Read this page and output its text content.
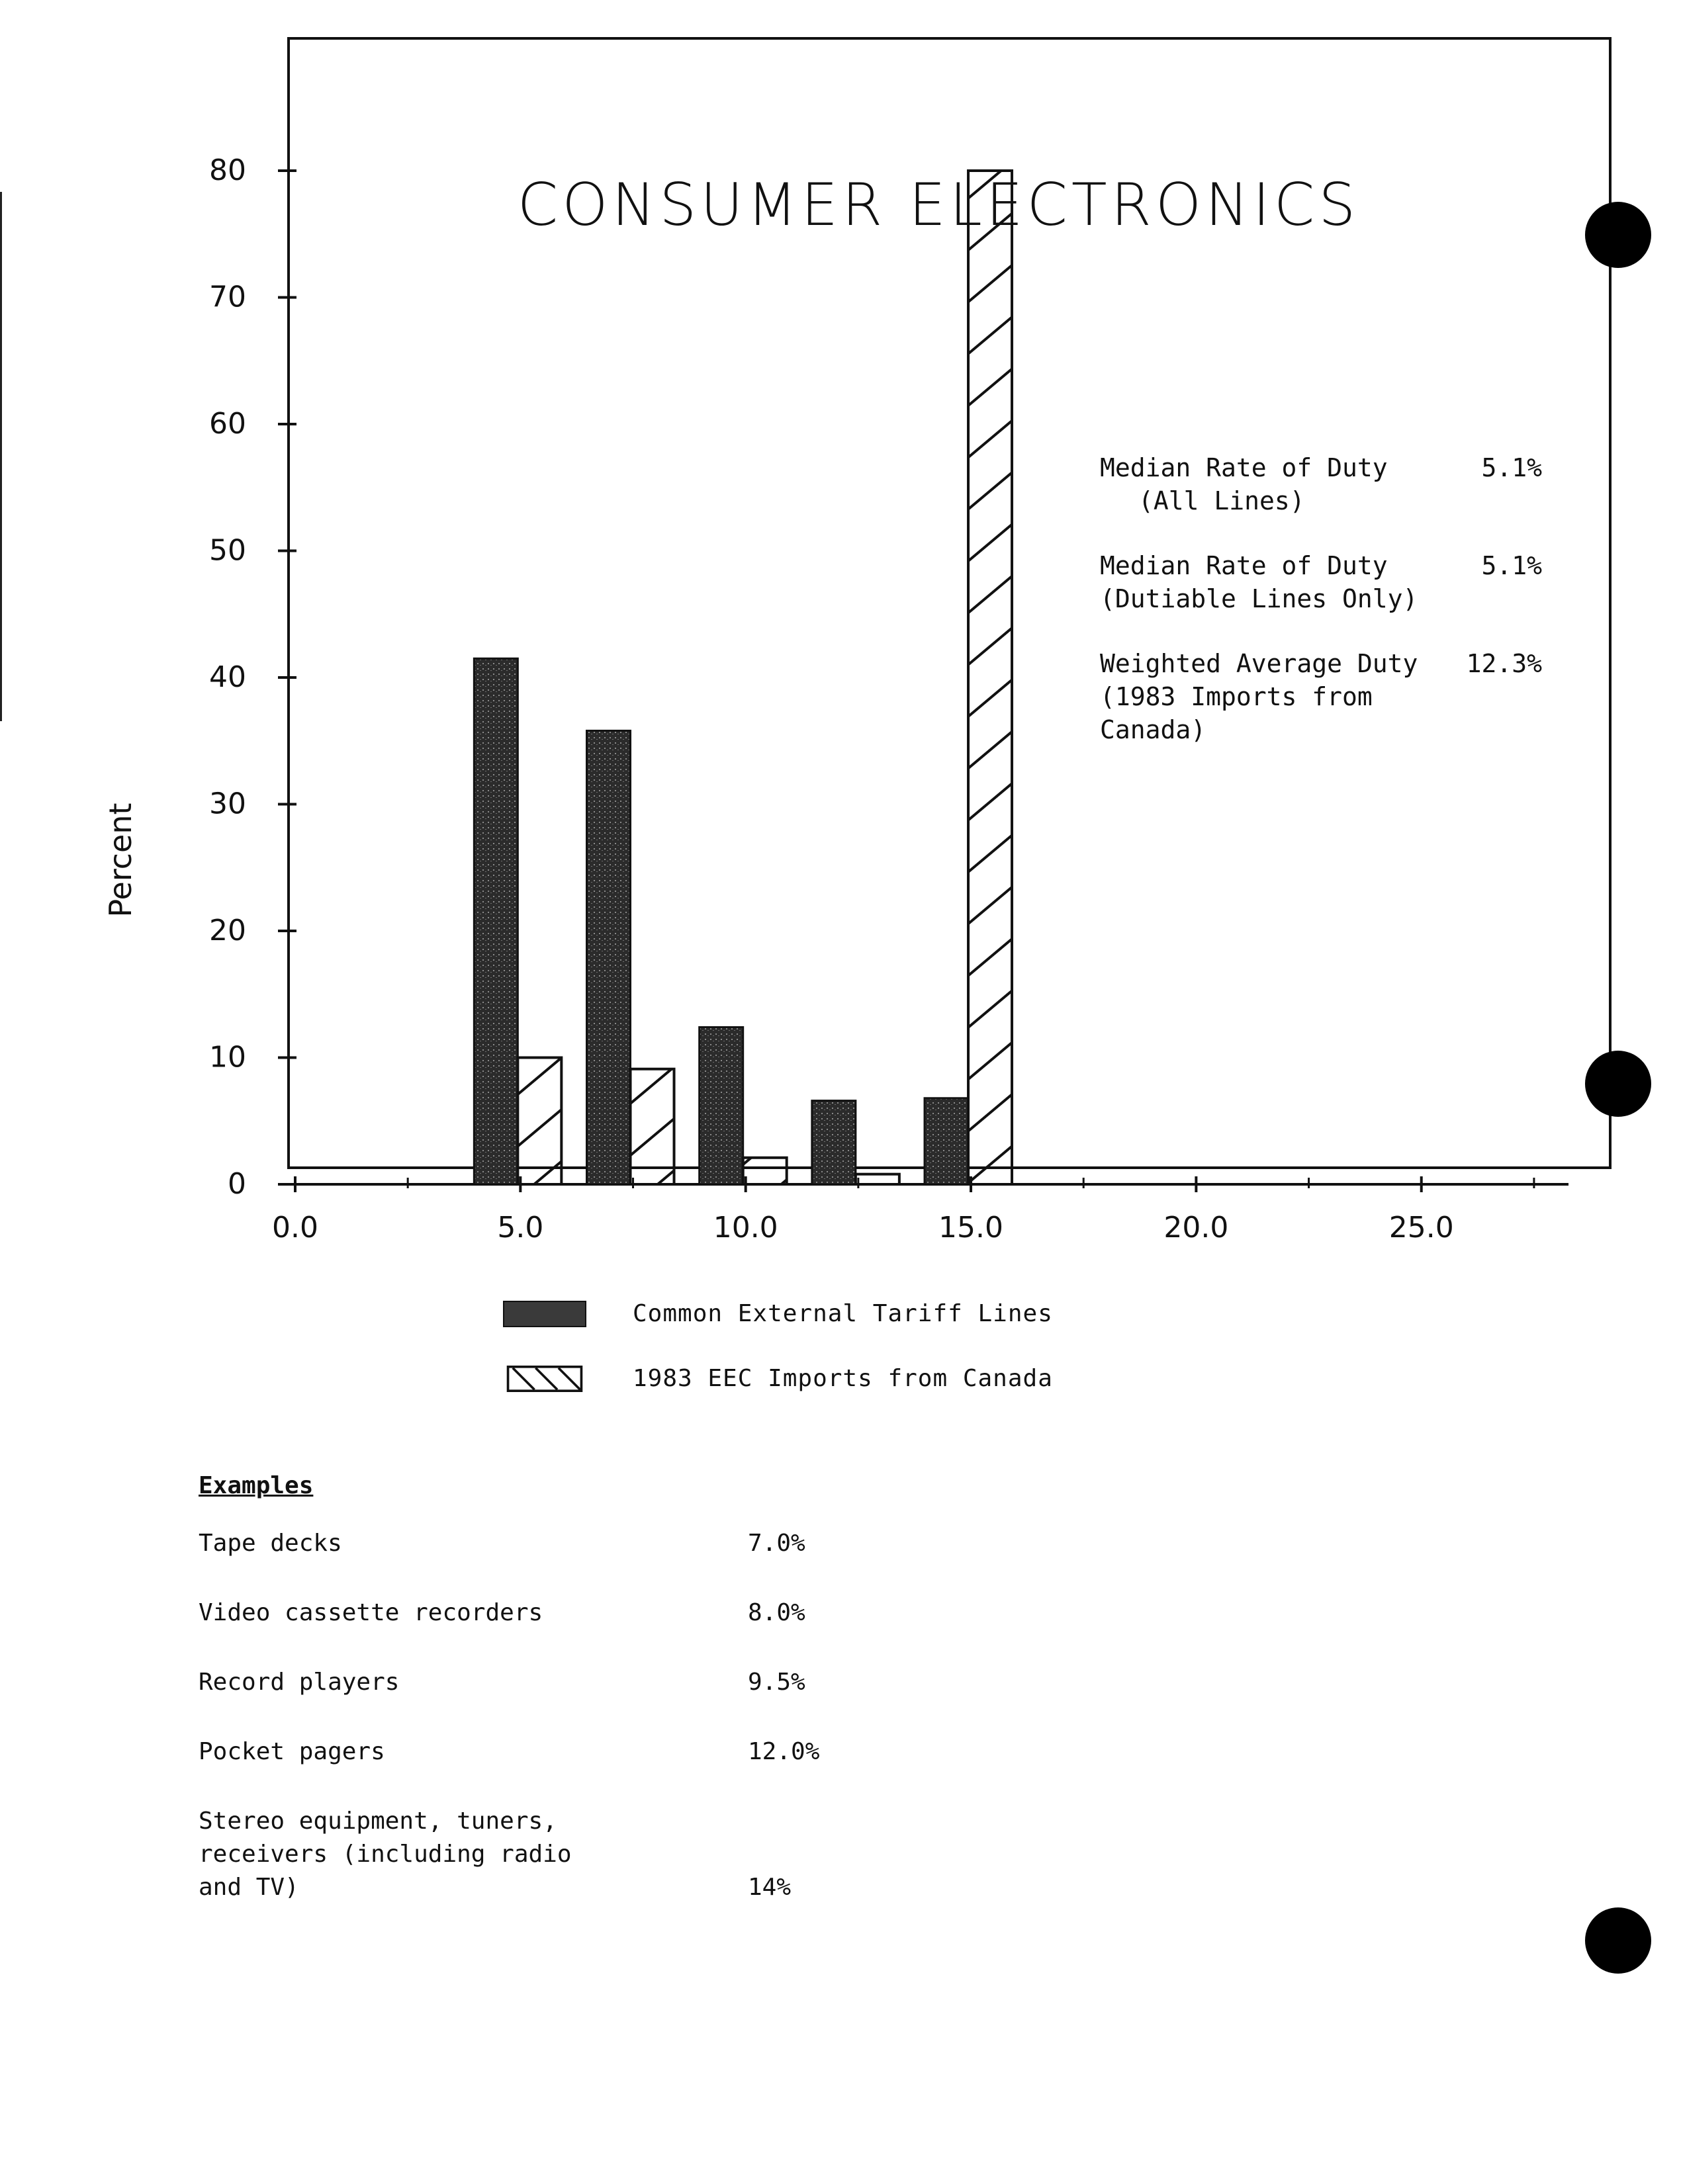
0
10
20
30
40
50
60
70
80
0.0	5.0	10.0	15.0	20.0	25.0
Median Rate of Duty	5.1%
(All Lines)
Median Rate of Duty	5.1%
(Dutiable Lines Only)
Weighted Average Duty 12.3%
(1983 Imports from
Canada)
CONSUMER ELECTRONICS
Percent
Common External Tariff Lines
1983 EEC Imports from Canada
Examples
Tape decks	7.0%
Video cassette recorders	8.0%
Record players	9.5%
Pocket pagers	12.0%
Stereo equipment, tuners,
receivers (including radio
and TV)	14%
